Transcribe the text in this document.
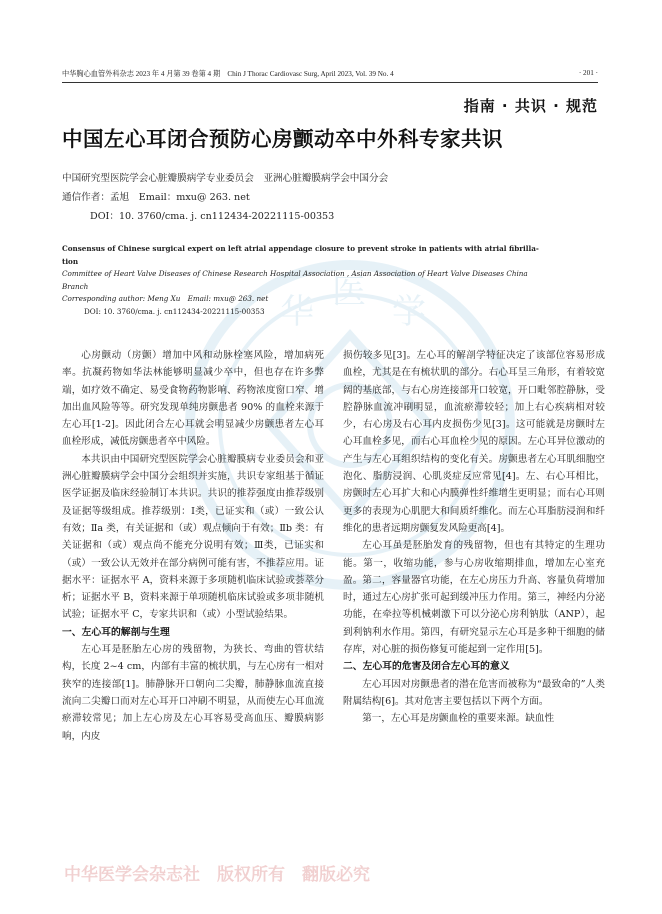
华 医 学
中华医学会杂志社　版权所有　翻版必究
中华胸心血管外科杂志 2023 年 4 月第 39 卷第 4 期　Chin J Thorac Cardiovasc Surg, April 2023, Vol. 39 No. 4	· 201 ·
指南 · 共识 · 规范
中国左心耳闭合预防心房颤动卒中外科专家共识
中国研究型医院学会心脏瓣膜病学专业委员会　亚洲心脏瓣膜病学会中国分会
通信作者：孟旭　Email：mxu@ 263. net
DOI：10. 3760/cma. j. cn112434-20221115-00353
Consensus of Chinese surgical expert on left atrial appendage closure to prevent stroke in patients with atrial fibrilla-
tion
Committee of Heart Valve Diseases of Chinese Research Hospital Association , Asian Association of Heart Valve Diseases China
Branch
Corresponding author: Meng Xu　Email: mxu@ 263. net
DOI: 10. 3760/cma. j. cn112434-20221115-00353

心房颤动（房颤）增加中风和动脉栓塞风险，增加病死率。抗凝药物如华法林能够明显减少卒中，但也存在许多弊端，如疗效不确定、易受食物药物影响、药物浓度窗口窄、增加出血风险等等。研究发现单纯房颤患者 90% 的血栓来源于左心耳[1-2]。因此闭合左心耳就会明显减少房颤患者左心耳血栓形成，减低房颤患者卒中风险。

本共识由中国研究型医院学会心脏瓣膜病专业委员会和亚洲心脏瓣膜病学会中国分会组织并实施，共识专家组基于循证医学证据及临床经验制订本共识。共识的推荐强度由推荐级别及证据等级组成。推荐级别：Ⅰ类，已证实和（或）一致公认有效；Ⅱa 类，有关证据和（或）观点倾向于有效；Ⅱb 类：有关证据和（或）观点尚不能充分说明有效；Ⅲ类，已证实和（或）一致公认无效并在部分病例可能有害，不推荐应用。证据水平：证据水平 A，资料来源于多项随机临床试验或荟萃分析；证据水平 B，资料来源于单项随机临床试验或多项非随机试验；证据水平 C，专家共识和（或）小型试验结果。

一、左心耳的解剖与生理

左心耳是胚胎左心房的残留物，为狭长、弯曲的管状结构，长度 2~4 cm，内部有丰富的梳状肌，与左心房有一相对狭窄的连接部[1]。肺静脉开口朝向二尖瓣，肺静脉血流直接流向二尖瓣口而对左心耳开口冲刷不明显，从而使左心耳血流瘀滞较常见；加上左心房及左心耳容易受高血压、瓣膜病影响，内皮

损伤较多见[3]。左心耳的解剖学特征决定了该部位容易形成血栓，尤其是在有梳状肌的部分。右心耳呈三角形，有着较宽阔的基底部，与右心房连接部开口较宽，开口毗邻腔静脉，受腔静脉血流冲刷明显，血流瘀滞较轻；加上右心疾病相对较少，右心房及右心耳内皮损伤少见[3]。这可能就是房颤时左心耳血栓多见，而右心耳血栓少见的原因。左心耳异位激动的产生与左心耳组织结构的变化有关。房颤患者左心耳肌细胞空泡化、脂肪浸润、心肌炎症反应常见[4]。左、右心耳相比，房颤时左心耳扩大和心内膜弹性纤维增生更明显；而右心耳则更多的表现为心肌肥大和间质纤维化。而左心耳脂肪浸润和纤维化的患者远期房颤复发风险更高[4]。

左心耳虽是胚胎发育的残留物，但也有其特定的生理功能。第一，收缩功能，参与心房收缩期排血，增加左心室充盈。第二，容量器官功能，在左心房压力升高、容量负荷增加时，通过左心房扩张可起到缓冲压力作用。第三，神经内分泌功能，在牵拉等机械刺激下可以分泌心房利钠肽（ANP），起到利钠利水作用。第四，有研究显示左心耳是多种干细胞的储存库，对心脏的损伤修复可能起到一定作用[5]。

二、左心耳的危害及闭合左心耳的意义

左心耳因对房颤患者的潜在危害而被称为“最致命的”人类附属结构[6]。其对危害主要包括以下两个方面。

第一，左心耳是房颤血栓的重要来源。缺血性
